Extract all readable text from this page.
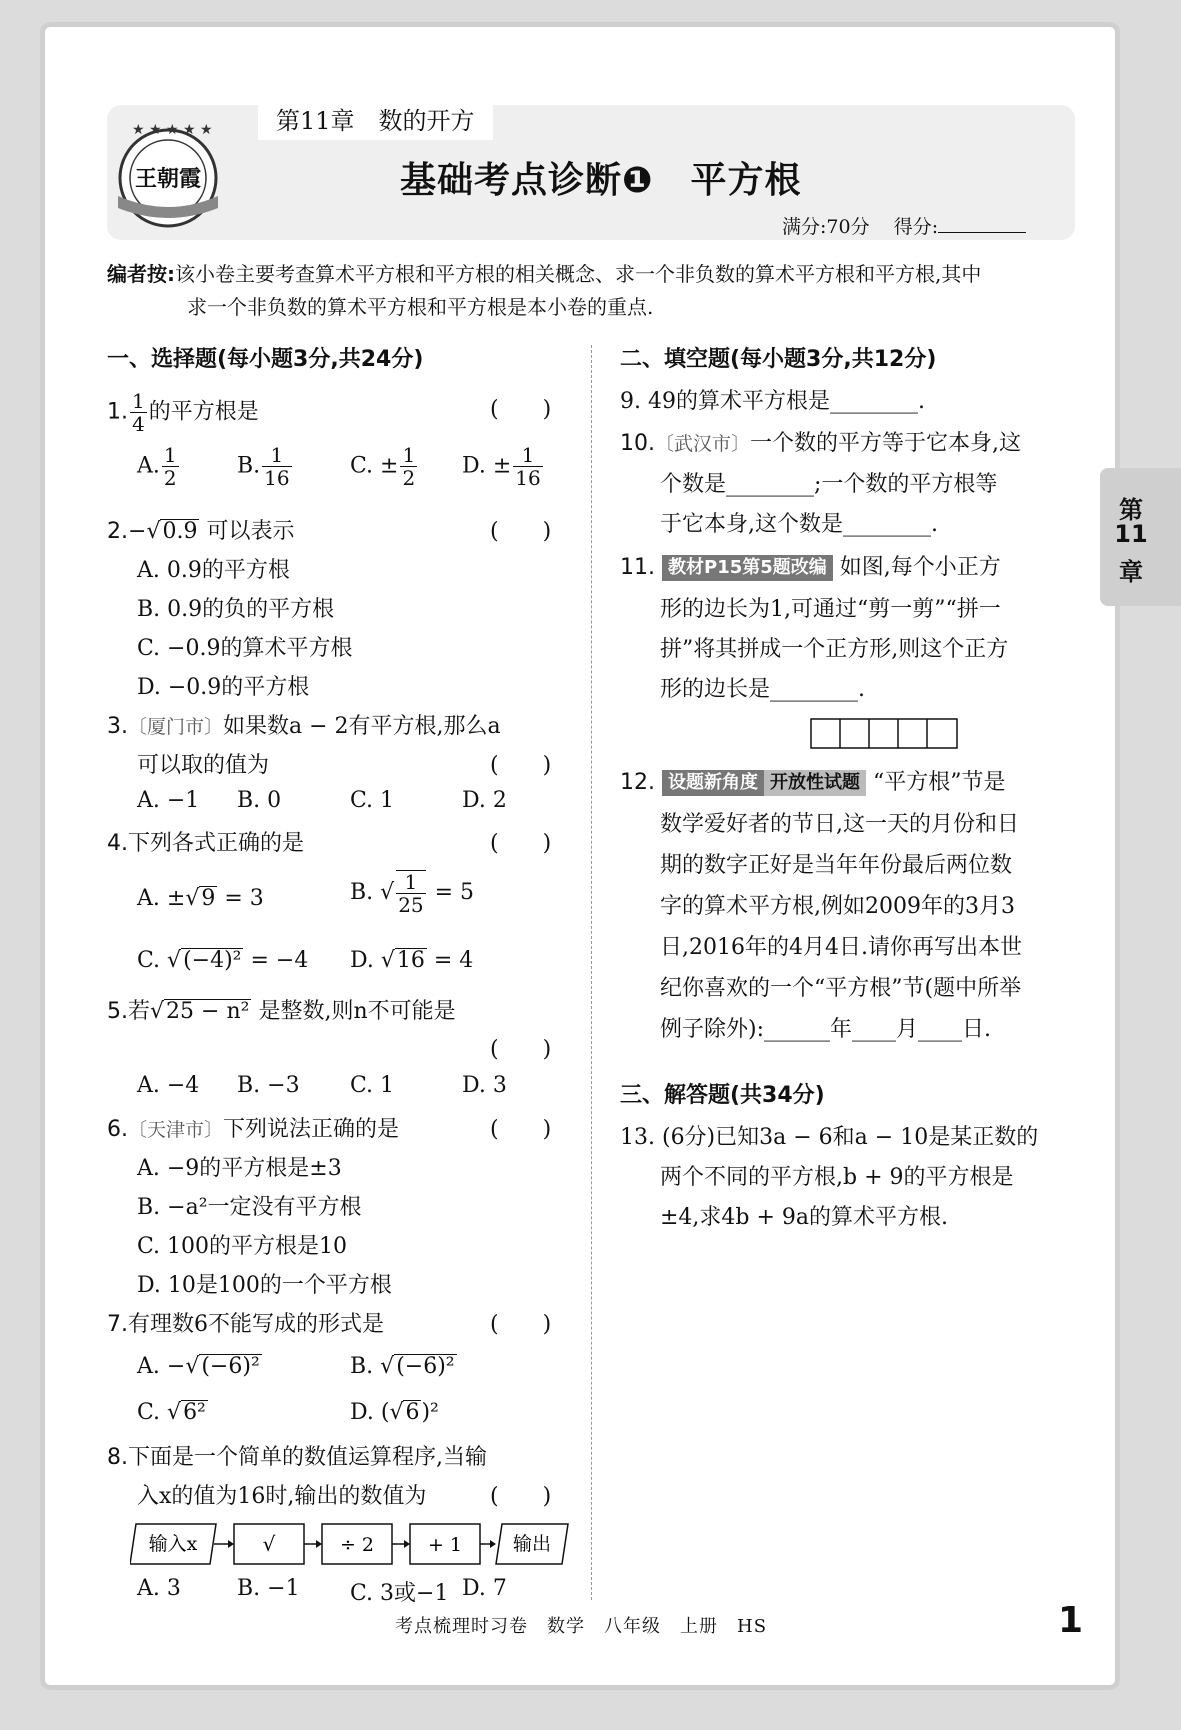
★ ★ ★ ★ ★
王朝霞
第11章　数的开方
基础考点诊断❶　平方根
满分:70分 得分:
编者按:该小卷主要考查算术平方根和平方根的相关概念、求一个非负数的算术平方根和平方根,其中
求一个非负数的算术平方根和平方根是本小卷的重点.
一、选择题(每小题3分,共24分)
1. $\frac{1}{4}$ 的平方根是	(　　)
A. $\frac{1}{2}$	B. $\frac{1}{16}$	C. ± $\frac{1}{2} D$. ± $\frac{1}{16}$
2.−√0.9 可以表示	(　　)
A. 0.9的平方根
B. 0.9的负的平方根
C. −0.9的算术平方根
D. −0.9的平方根
3.〔厦门市〕如果数a − 2有平方根,那么a
可以取的值为	(　　)
A. −1 B. 0	C. 1	D. 2
4.下列各式正确的是	(　　)
A. ±√9 = 3	B. √ $\frac{1}{25} = 5$
C. √(−4)² = −4 D. √16 = 4
5.若√25 − n² 是整数,则n不可能是
(　　)
A. −4 B. −3 C. 1	D. 3
6.〔天津市〕下列说法正确的是	(　　)
A. −9的平方根是±3
B. −a²一定没有平方根
C. 100的平方根是10
D. 10是100的一个平方根
7.有理数6不能写成的形式是	(　　)
A. −√(−6)²	B. √(−6)²
C. √6²	D. (√6)²
8.下面是一个简单的数值运算程序,当输
入x的值为16时,输出的数值为	(　　)
输入x	√	÷ 2	+ 1	输出
A. 3	B. −1 C. 3或−1 D. 7
二、填空题(每小题3分,共12分)
9. 49的算术平方根是________.
10.〔武汉市〕一个数的平方等于它本身,这
个数是________;一个数的平方根等
于它本身,这个数是________.
11. 教材P15第5题改编 如图,每个小正方
形的边长为1,可通过“剪一剪”“拼一
拼”将其拼成一个正方形,则这个正方
形的边长是________.
12. 设题新角度 开放性试题 “平方根”节是
数学爱好者的节日,这一天的月份和日
期的数字正好是当年年份最后两位数
字的算术平方根,例如2009年的3月3
日,2016年的4月4日.请你再写出本世
纪你喜欢的一个“平方根”节(题中所举
例子除外):______年____月____日.
三、解答题(共34分)
13. (6分)已知3a − 6和a − 10是某正数的
两个不同的平方根,b + 9的平方根是
±4,求4b + 9a的算术平方根.
第
11
章
考点梳理时习卷　数学　八年级　上册　HS	1
